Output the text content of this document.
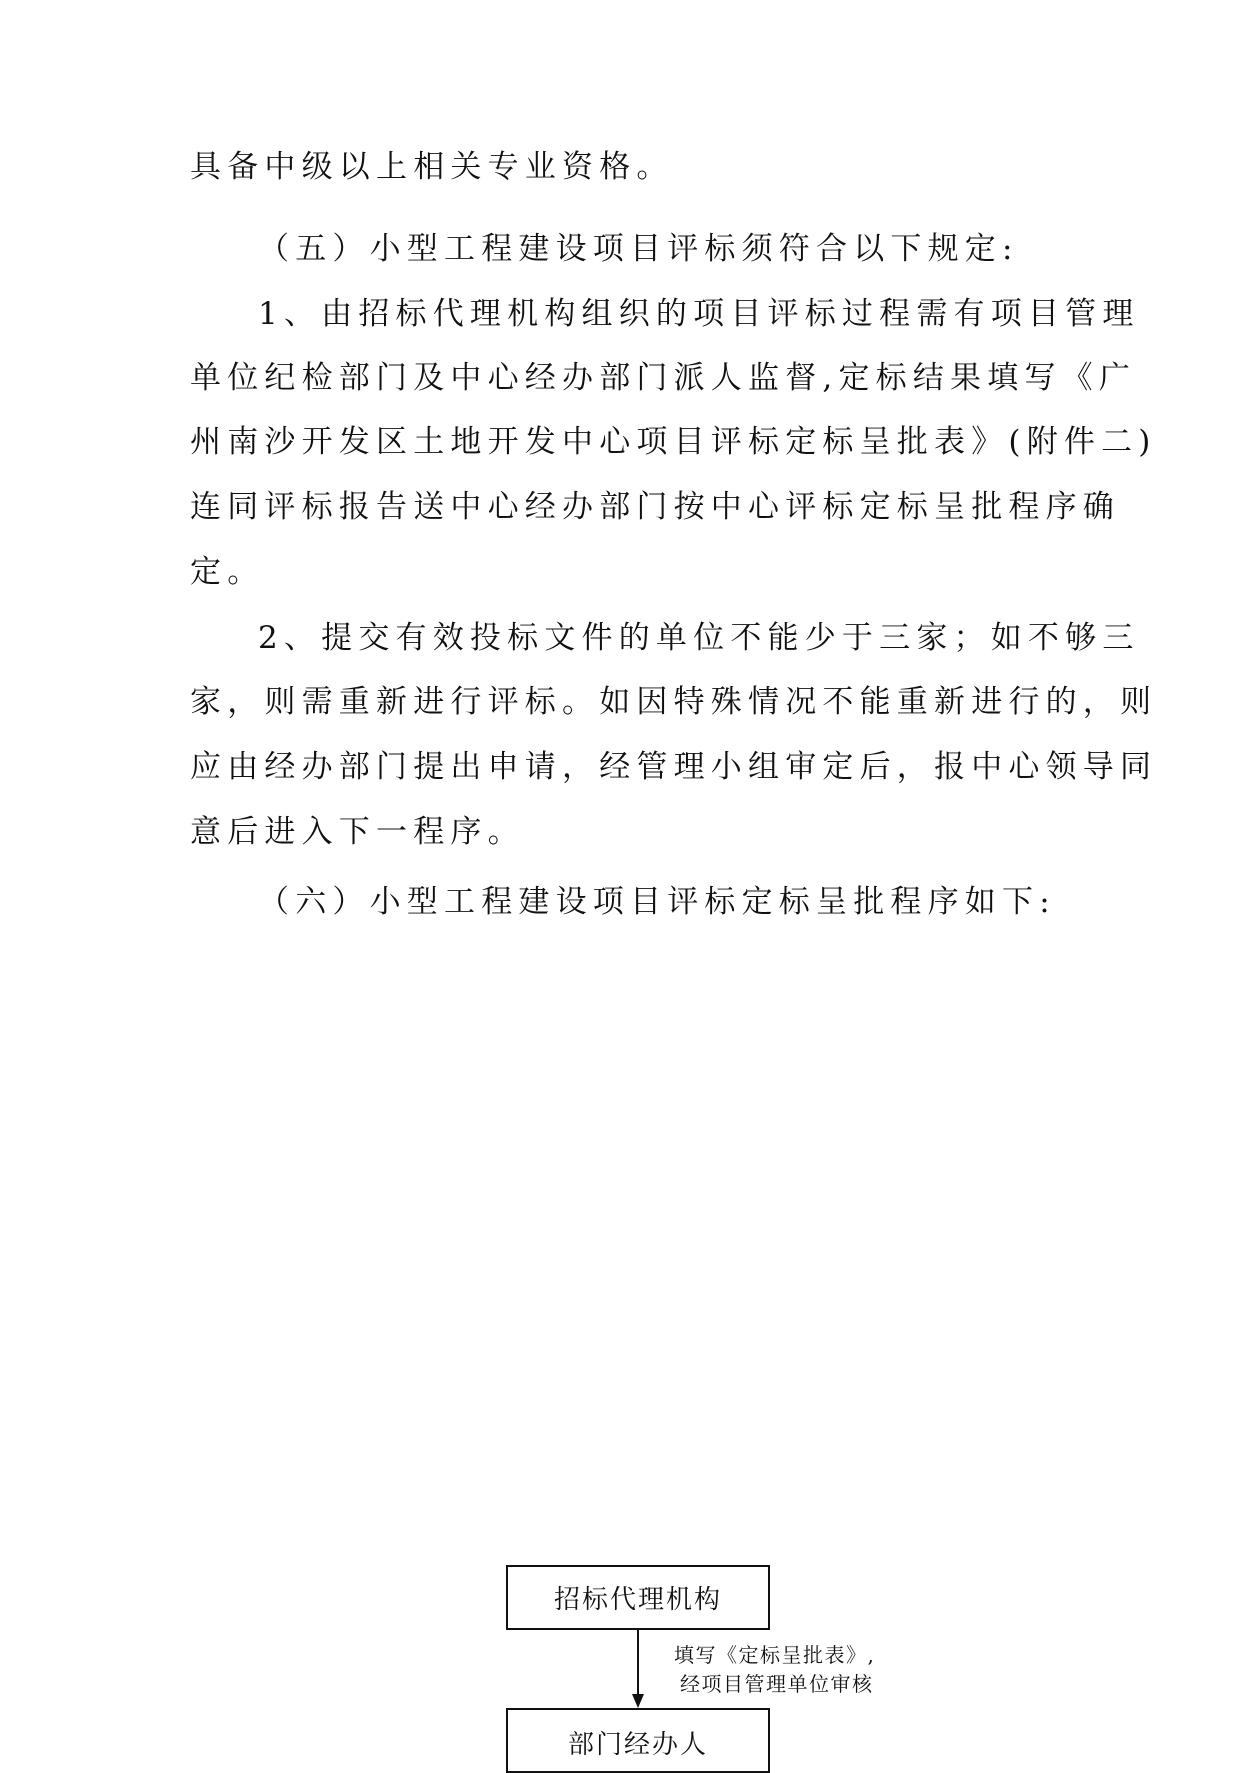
具备中级以上相关专业资格。
（五）小型工程建设项目评标须符合以下规定:
1、由招标代理机构组织的项目评标过程需有项目管理
单位纪检部门及中心经办部门派人监督,定标结果填写《广
州南沙开发区土地开发中心项目评标定标呈批表》(附件二)
连同评标报告送中心经办部门按中心评标定标呈批程序确
定。
2、提交有效投标文件的单位不能少于三家；如不够三
家，则需重新进行评标。如因特殊情况不能重新进行的，则
应由经办部门提出申请，经管理小组审定后，报中心领导同
意后进入下一程序。
（六）小型工程建设项目评标定标呈批程序如下:
招标代理机构
填写《定标呈批表》,
经项目管理单位审核
部门经办人
